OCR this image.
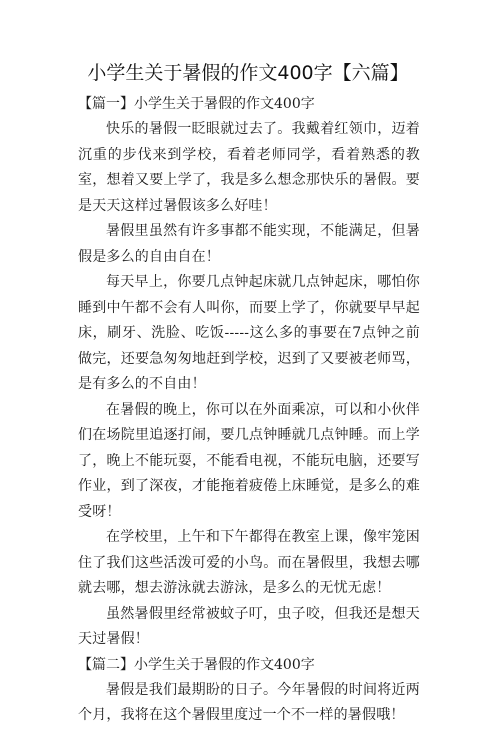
小学生关于暑假的作文400字【六篇】

【篇一】小学生关于暑假的作文400字

快乐的暑假一眨眼就过去了。我戴着红领巾，迈着沉重的步伐来到学校，看着老师同学，看着熟悉的教室，想着又要上学了，我是多么想念那快乐的暑假。要是天天这样过暑假该多么好哇！

暑假里虽然有许多事都不能实现，不能满足，但暑假是多么的自由自在！

每天早上，你要几点钟起床就几点钟起床，哪怕你睡到中午都不会有人叫你，而要上学了，你就要早早起床，刷牙、洗脸、吃饭-----这么多的事要在7点钟之前做完，还要急匆匆地赶到学校，迟到了又要被老师骂，是有多么的不自由！

在暑假的晚上，你可以在外面乘凉，可以和小伙伴们在场院里追逐打闹，要几点钟睡就几点钟睡。而上学了，晚上不能玩耍，不能看电视，不能玩电脑，还要写作业，到了深夜，才能拖着疲倦上床睡觉，是多么的难受呀！

在学校里，上午和下午都得在教室上课，像牢笼困住了我们这些活泼可爱的小鸟。而在暑假里，我想去哪就去哪，想去游泳就去游泳，是多么的无忧无虑！

虽然暑假里经常被蚊子叮，虫子咬，但我还是想天天过暑假！

【篇二】小学生关于暑假的作文400字

暑假是我们最期盼的日子。今年暑假的时间将近两个月，我将在这个暑假里度过一个不一样的暑假哦！
